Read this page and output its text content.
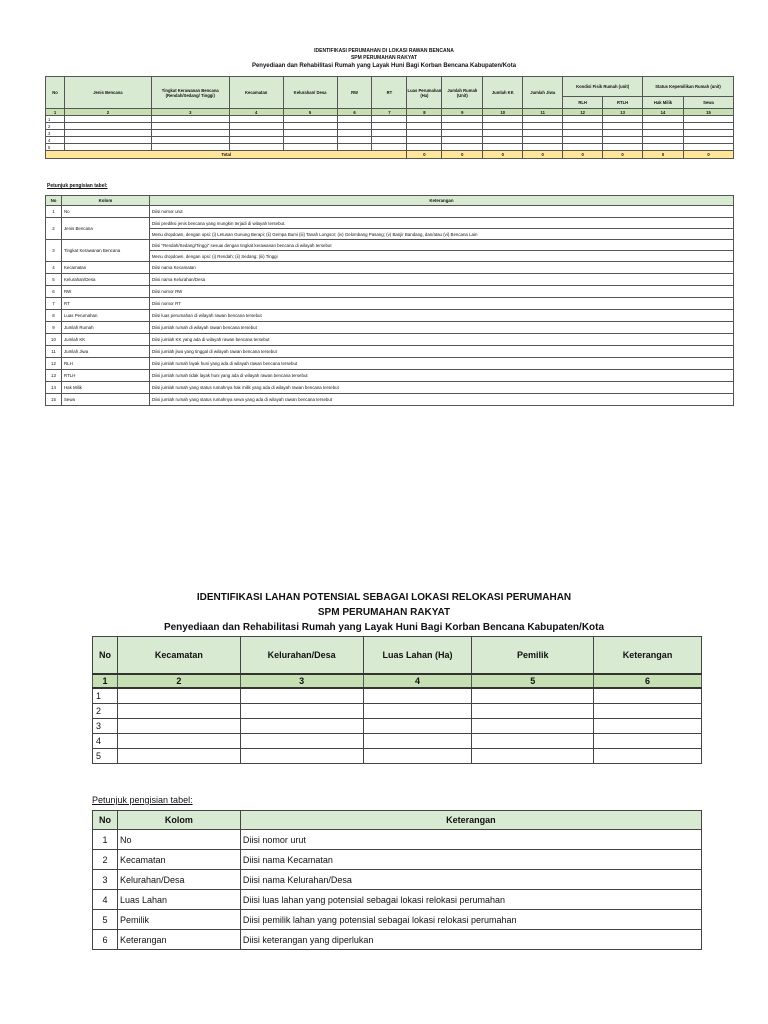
IDENTIFIKASI PERUMAHAN DI LOKASI RAWAN BENCANA
SPM PERUMAHAN RAKYAT
Penyediaan dan Rehabilitasi Rumah yang Layak Huni Bagi Korban Bencana Kabupaten/Kota
No	Jenis Bencana	Tingkat Kerawanan Bencana (Rendah/Sedang/ Tinggi)	Kecamatan	Kelurahan/ Desa	RW	RT	Luas Perumahan (Ha)	Jumlah Rumah (Unit)	Jumlah KK	Jumlah Jiwa	Kondisi Fisik Rumah (unit)		Status Kepemilikan Rumah (unit)	
											RLH	RTLH	Hak Milik	Sewa
1	2	3	4	5	6	7	8	9	10	11	12	13	14	15
1														
2														
3														
4														
5														
Total							0	0	0	0	0	0	0	0
Petunjuk pengisian tabel:
No	Kolom	Keterangan
1	No	Diisi nomor urut
2	Jenis Bencana	Diisi prediksi jenis bencana yang mungkin terjadi di wilayah tersebut.
		Menu dropdown, dengan opsi: (i) Letusan Gunung Berapi; (ii) Gempa Bumi (iii) Tanah Longsor; (iv) Gelombang Pasang; (v) Banjir Bandang, dan/atau (vi) Bencana Lain
3	Tingkat Kerawanan Bencana	Diisi "Rendah/Sedang/Tinggi" sesuai dengan tingkat kerawanan bencana di wilayah tersebut
		Menu dropdown, dengan opsi: (i) Rendah; (ii) Sedang; (iii) Tinggi
4	Kecamatan	Diisi nama Kecamatan
5	Kelurahan/Desa	Diisi nama Kelurahan/Desa
6	RW	Diisi nomor RW
7	RT	Diisi nomor RT
8	Luas Perumahan	Diisi luas perumahan di wilayah rawan bencana tersebut
9	Jumlah Rumah	Diisi jumlah rumah di wilayah rawan bencana tersebut
10	Jumlah KK	Diisi jumlah KK yang ada di wilayah rawan bencana tersebut
11	Jumlah Jiwa	Diisi jumlah jiwa yang tinggal di wilayah rawan bencana tersebut
12	RLH	Diisi jumlah rumah layak huni yang ada di wilayah rawan bencana tersebut
13	RTLH	Diisi jumlah rumah tidak layak huni yang ada di wilayah rawan bencana tersebut
14	Hak Milik	Diisi jumlah rumah yang status rumahnya hak milik yang ada di wilayah rawan bencana tersebut
15	Sewa	Diisi jumlah rumah yang status rumahnya sewa yang ada di wilayah rawan bencana tersebut
IDENTIFIKASI LAHAN POTENSIAL SEBAGAI LOKASI RELOKASI PERUMAHAN
SPM PERUMAHAN RAKYAT
Penyediaan dan Rehabilitasi Rumah yang Layak Huni Bagi Korban Bencana Kabupaten/Kota
No	Kecamatan	Kelurahan/Desa	Luas Lahan (Ha)	Pemilik	Keterangan
1	2	3	4	5	6
1					
2					
3					
4					
5					
Petunjuk pengisian tabel:
No	Kolom	Keterangan
1	No	Diisi nomor urut
2	Kecamatan	Diisi nama Kecamatan
3	Kelurahan/Desa	Diisi nama Kelurahan/Desa
4	Luas Lahan	Diisi luas lahan yang potensial sebagai lokasi relokasi perumahan
5	Pemilik	Diisi pemilik lahan yang potensial sebagai lokasi relokasi perumahan
6	Keterangan	Diisi keterangan yang diperlukan
